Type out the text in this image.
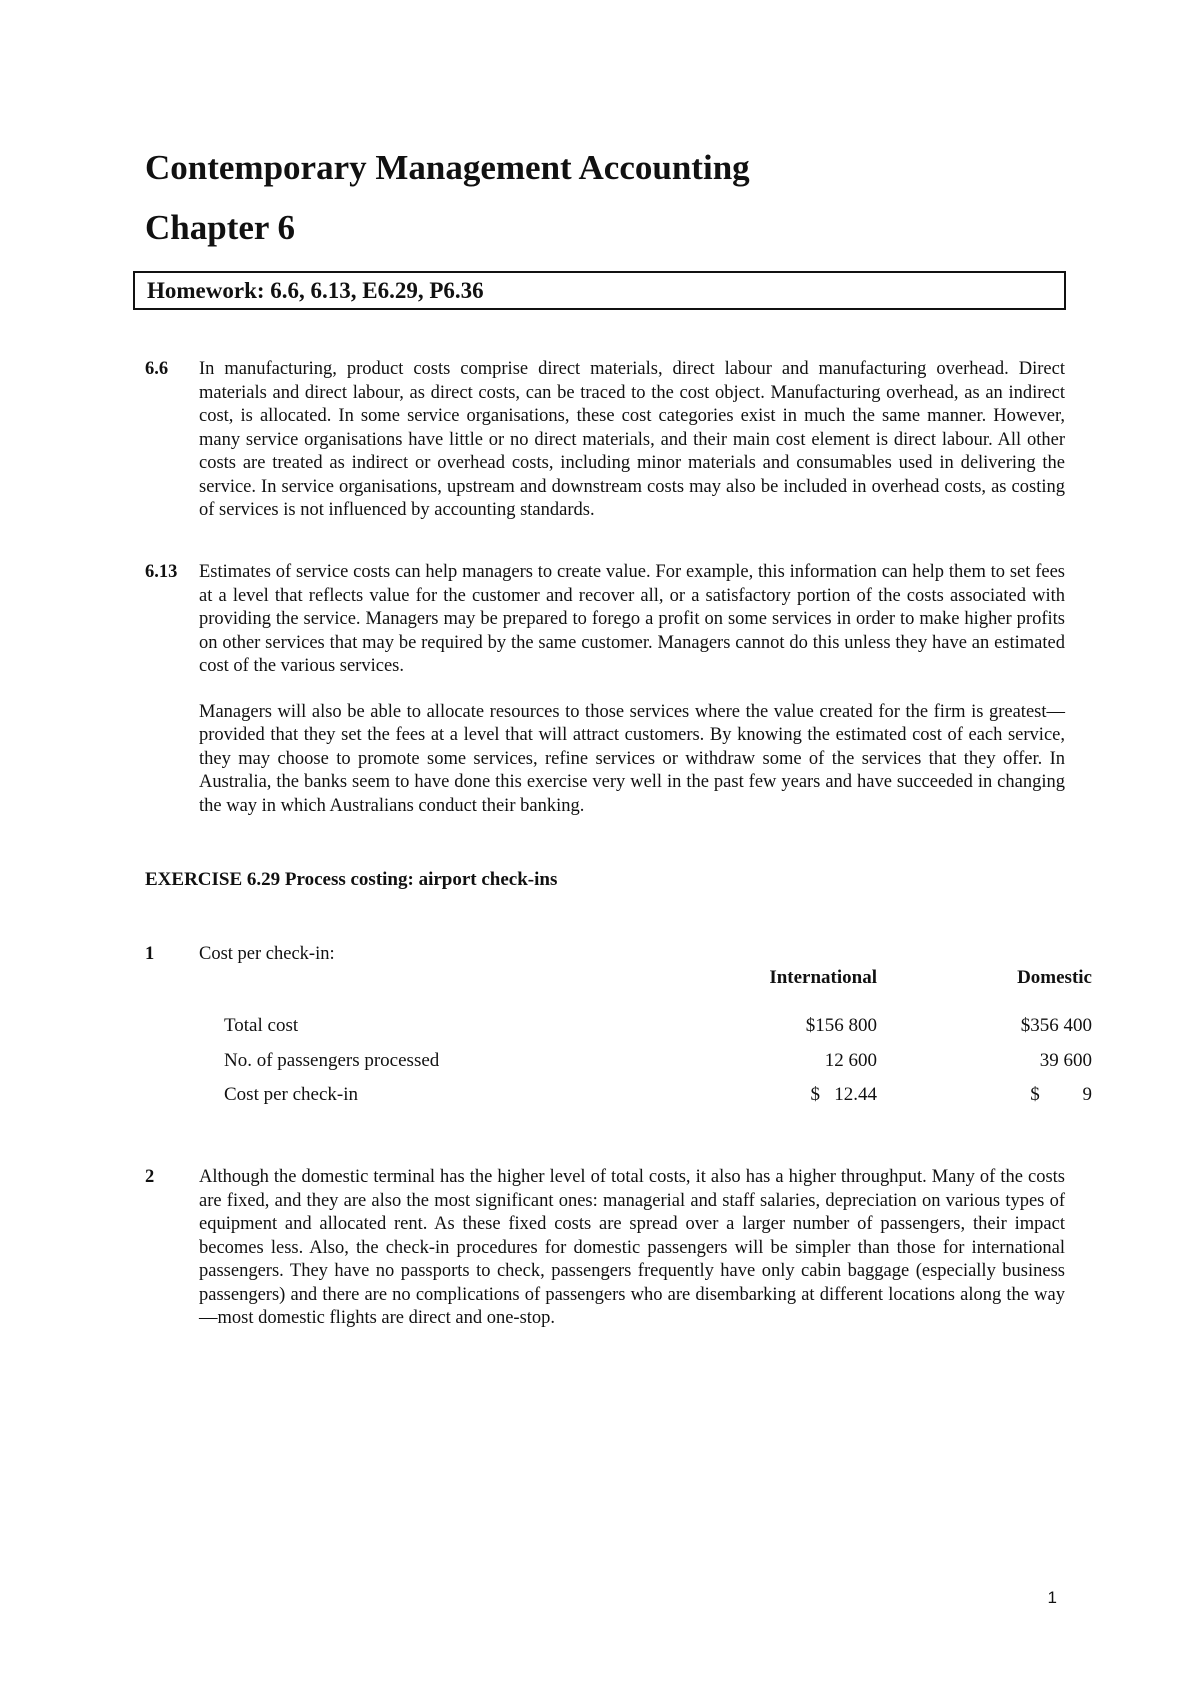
Contemporary Management Accounting
Chapter 6
Homework: 6.6, 6.13, E6.29, P6.36
6.6 In manufacturing, product costs comprise direct materials, direct labour and manufacturing overhead. Direct materials and direct labour, as direct costs, can be traced to the cost object. Manufacturing overhead, as an indirect cost, is allocated. In some service organisations, these cost categories exist in much the same manner. However, many service organisations have little or no direct materials, and their main cost element is direct labour. All other costs are treated as indirect or overhead costs, including minor materials and consumables used in delivering the service. In service organisations, upstream and downstream costs may also be included in overhead costs, as costing of services is not influenced by accounting standards.

6.13 Estimates of service costs can help managers to create value. For example, this information can help them to set fees at a level that reflects value for the customer and recover all, or a satisfactory portion of the costs associated with providing the service. Managers may be prepared to forego a profit on some services in order to make higher profits on other services that may be required by the same customer. Managers cannot do this unless they have an estimated cost of the various services.

Managers will also be able to allocate resources to those services where the value created for the firm is greatest—provided that they set the fees at a level that will attract customers. By knowing the estimated cost of each service, they may choose to promote some services, refine services or withdraw some of the services that they offer. In Australia, the banks seem to have done this exercise very well in the past few years and have succeeded in changing the way in which Australians conduct their banking.

EXERCISE 6.29 Process costing: airport check-ins
1 Cost per check-in:
International	Domestic
Total cost	$156 800	$356 400
No. of passengers processed	12 600	39 600
Cost per check-in	$   12.44	$         9
2 Although the domestic terminal has the higher level of total costs, it also has a higher throughput. Many of the costs are fixed, and they are also the most significant ones: managerial and staff salaries, depreciation on various types of equipment and allocated rent. As these fixed costs are spread over a larger number of passengers, their impact becomes less. Also, the check-in procedures for domestic passengers will be simpler than those for international passengers. They have no passports to check, passengers frequently have only cabin baggage (especially business passengers) and there are no complications of passengers who are disembarking at different locations along the way—most domestic flights are direct and one-stop.

1
